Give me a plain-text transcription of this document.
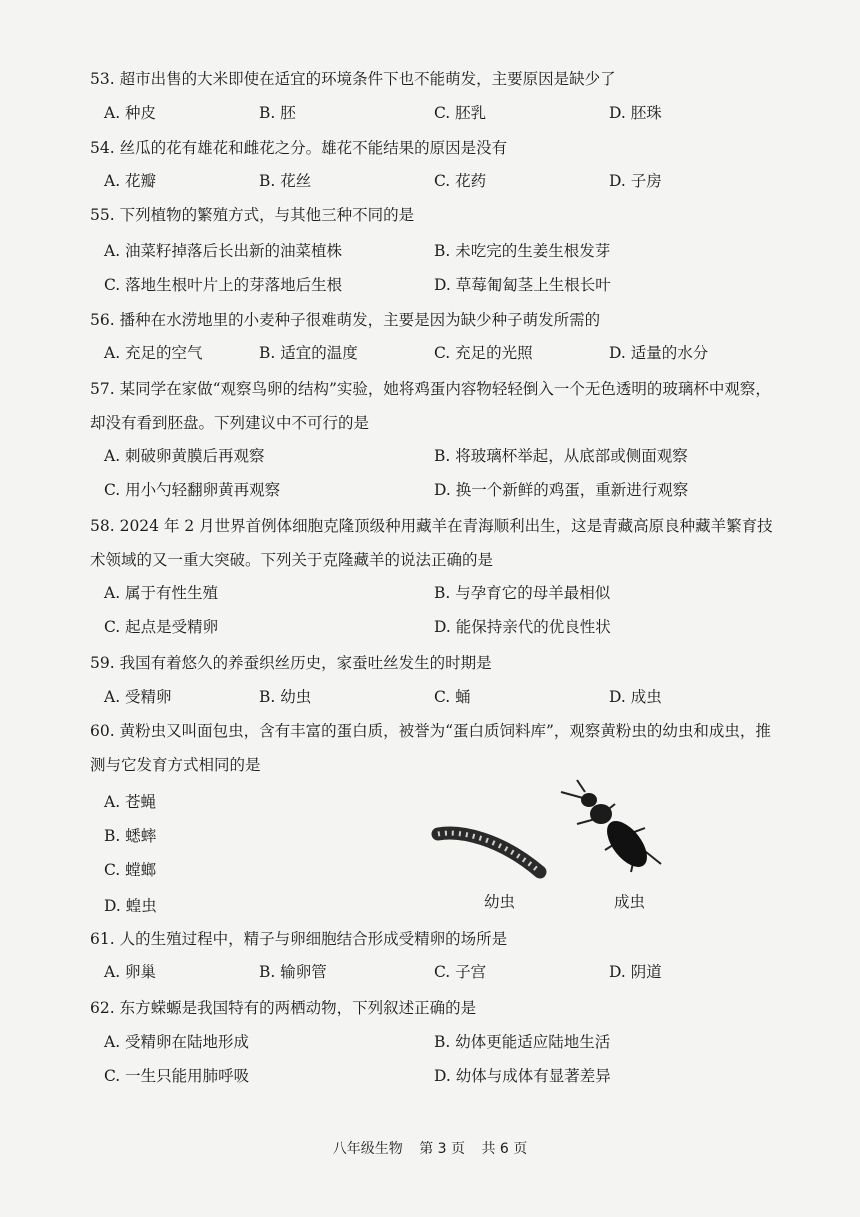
53. 超市出售的大米即使在适宜的环境条件下也不能萌发，主要原因是缺少了
A. 种皮	B. 胚	C. 胚乳	D. 胚珠
54. 丝瓜的花有雄花和雌花之分。雄花不能结果的原因是没有
A. 花瓣	B. 花丝	C. 花药	D. 子房
55. 下列植物的繁殖方式，与其他三种不同的是
A. 油菜籽掉落后长出新的油菜植株	B. 未吃完的生姜生根发芽
C. 落地生根叶片上的芽落地后生根	D. 草莓匍匐茎上生根长叶
56. 播种在水涝地里的小麦种子很难萌发，主要是因为缺少种子萌发所需的
A. 充足的空气	B. 适宜的温度	C. 充足的光照	D. 适量的水分
57. 某同学在家做“观察鸟卵的结构”实验，她将鸡蛋内容物轻轻倒入一个无色透明的玻璃杯中观察，却没有看到胚盘。下列建议中不可行的是
A. 刺破卵黄膜后再观察	B. 将玻璃杯举起，从底部或侧面观察
C. 用小勺轻翻卵黄再观察	D. 换一个新鲜的鸡蛋，重新进行观察
58. 2024 年 2 月世界首例体细胞克隆顶级种用藏羊在青海顺利出生，这是青藏高原良种藏羊繁育技术领域的又一重大突破。下列关于克隆藏羊的说法正确的是
A. 属于有性生殖	B. 与孕育它的母羊最相似
C. 起点是受精卵	D. 能保持亲代的优良性状
59. 我国有着悠久的养蚕织丝历史，家蚕吐丝发生的时期是
A. 受精卵	B. 幼虫	C. 蛹	D. 成虫
60. 黄粉虫又叫面包虫，含有丰富的蛋白质，被誉为“蛋白质饲料库”，观察黄粉虫的幼虫和成虫，推测与它发育方式相同的是
A. 苍蝇
B. 蟋蟀
C. 螳螂
D. 蝗虫	幼虫	成虫
61. 人的生殖过程中，精子与卵细胞结合形成受精卵的场所是
A. 卵巢	B. 输卵管	C. 子宫	D. 阴道
62. 东方蝾螈是我国特有的两栖动物，下列叙述正确的是
A. 受精卵在陆地形成	B. 幼体更能适应陆地生活
C. 一生只能用肺呼吸	D. 幼体与成体有显著差异
八年级生物 第 3 页 共 6 页
